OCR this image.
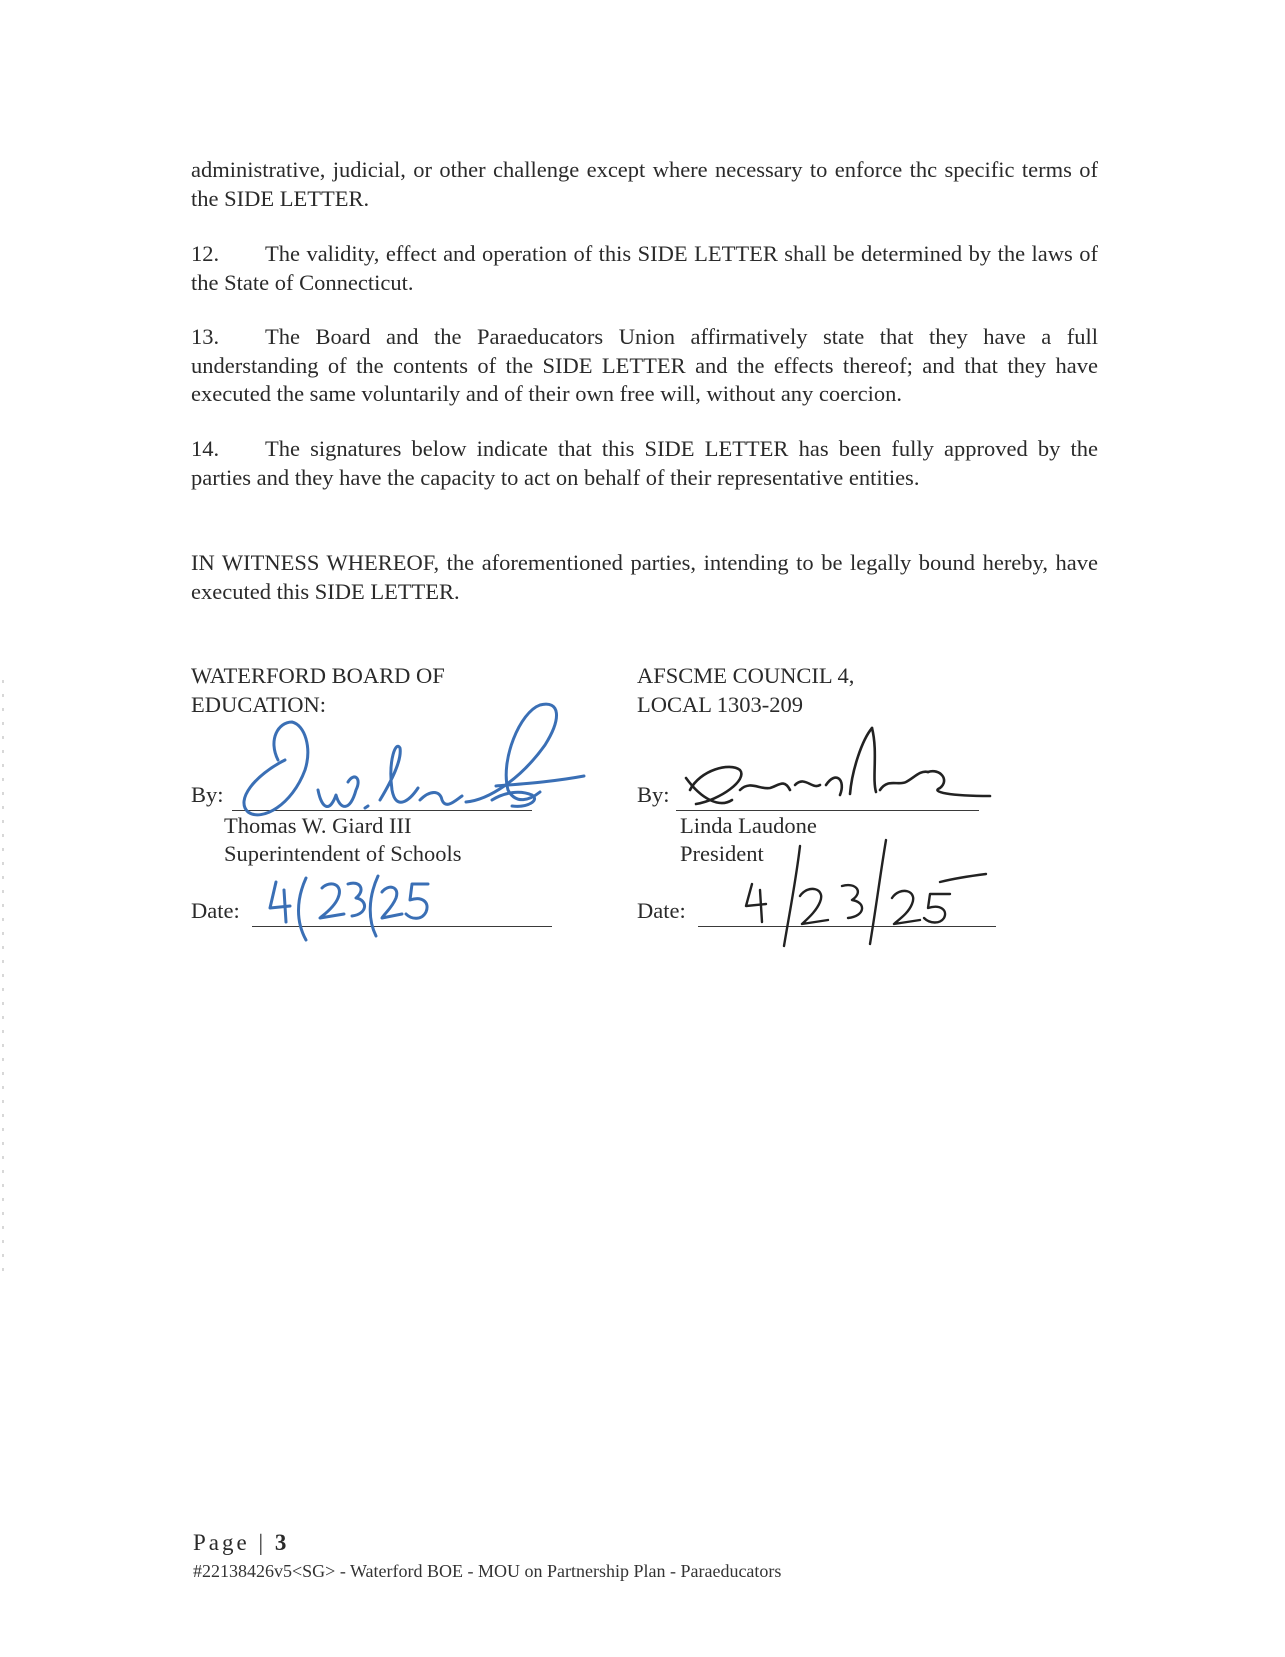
administrative, judicial, or other challenge except where necessary to enforce thc specific terms of the SIDE LETTER.

12. The validity, effect and operation of this SIDE LETTER shall be determined by the laws of the State of Connecticut.

13. The Board and the Paraeducators Union affirmatively state that they have a full understanding of the contents of the SIDE LETTER and the effects thereof; and that they have executed the same voluntarily and of their own free will, without any coercion.

14. The signatures below indicate that this SIDE LETTER has been fully approved by the parties and they have the capacity to act on behalf of their representative entities.

IN WITNESS WHEREOF, the aforementioned parties, intending to be legally bound hereby, have executed this SIDE LETTER.

WATERFORD BOARD OF
EDUCATION:
By:
Thomas W. Giard III
Superintendent of Schools
Date:
AFSCME COUNCIL 4,
LOCAL 1303-209
By:
Linda Laudone
President
Date:
Page | 3
#22138426v5<SG> - Waterford BOE - MOU on Partnership Plan - Paraeducators
